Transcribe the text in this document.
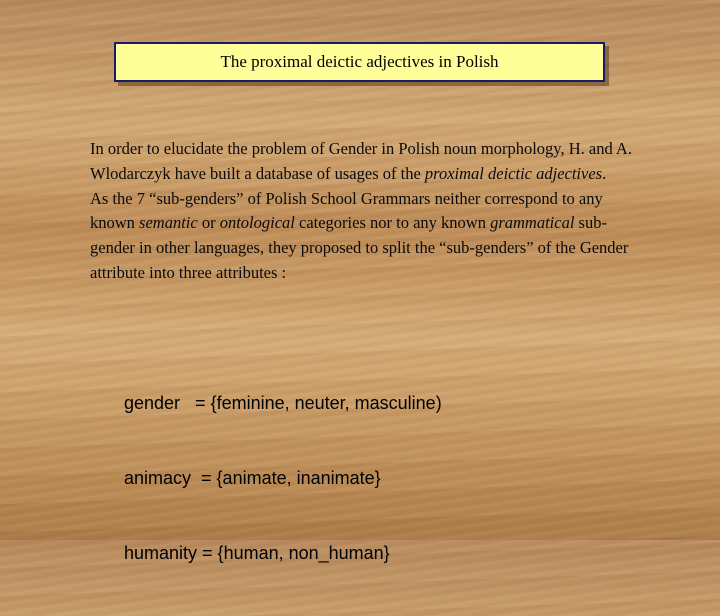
The proximal deictic adjectives in Polish

In order to elucidate the problem of Gender in Polish noun morphology, H. and A. Wlodarczyk have built a database of usages of the proximal deictic adjectives.

As the 7 “sub-genders” of Polish School Grammars neither correspond to any known semantic or ontological categories nor to any known grammatical sub-gender in other languages, they proposed to split the “sub-genders” of the Gender attribute into three attributes :

gender   = {feminine, neuter, masculine)

animacy  = {animate, inanimate}

humanity = {human, non_human}
